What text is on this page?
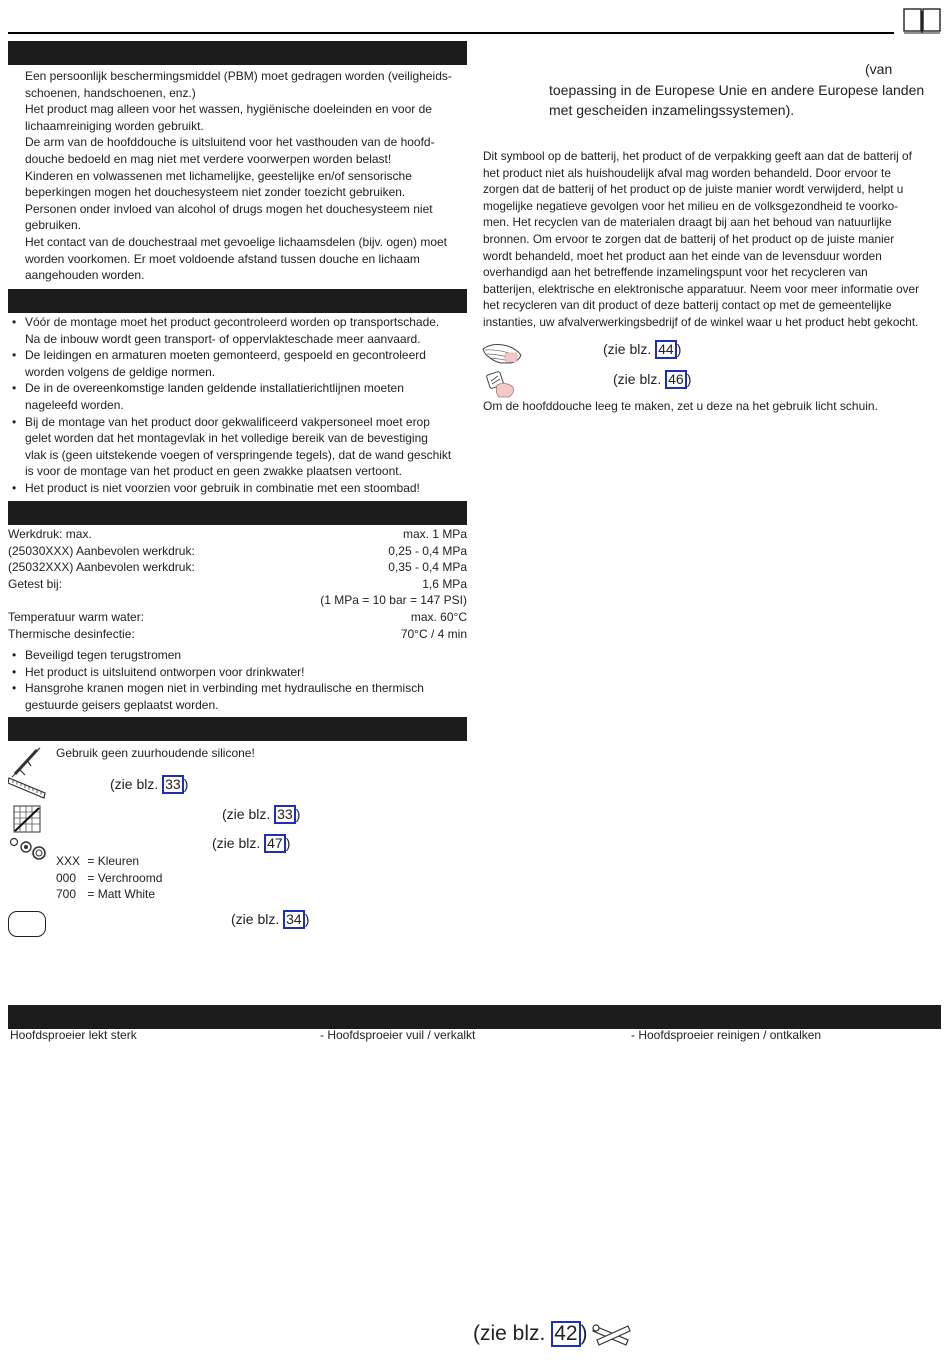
Een persoonlijk beschermingsmiddel (PBM) moet gedragen worden (veiligheids-
schoenen, handschoenen, enz.)
Het product mag alleen voor het wassen, hygiënische doeleinden en voor de
lichaamreiniging worden gebruikt.
De arm van de hoofddouche is uitsluitend voor het vasthouden van de hoofd-
douche bedoeld en mag niet met verdere voorwerpen worden belast!
Kinderen en volwassenen met lichamelijke, geestelijke en/of sensorische
beperkingen mogen het douchesysteem niet zonder toezicht gebruiken.
Personen onder invloed van alcohol of drugs mogen het douchesysteem niet
gebruiken.
Het contact van de douchestraal met gevoelige lichaamsdelen (bijv. ogen) moet
worden voorkomen. Er moet voldoende afstand tussen douche en lichaam
aangehouden worden.
• Vóór de montage moet het product gecontroleerd worden op transportschade.
Na de inbouw wordt geen transport- of oppervlakteschade meer aanvaard.
• De leidingen en armaturen moeten gemonteerd, gespoeld en gecontroleerd
worden volgens de geldige normen.
• De in de overeenkomstige landen geldende installatierichtlijnen moeten
nageleefd worden.
• Bij de montage van het product door gekwalificeerd vakpersoneel moet erop
gelet worden dat het montagevlak in het volledige bereik van de bevestiging
vlak is (geen uitstekende voegen of verspringende tegels), dat de wand geschikt
is voor de montage van het product en geen zwakke plaatsen vertoont.
• Het product is niet voorzien voor gebruik in combinatie met een stoombad!
Werkdruk: max.	max. 1 MPa
(25030XXX) Aanbevolen werkdruk:	0,25 - 0,4 MPa
(25032XXX) Aanbevolen werkdruk:	0,35 - 0,4 MPa
Getest bij:	1,6 MPa
(1 MPa = 10 bar = 147 PSI)
Temperatuur warm water:	max. 60°C
Thermische desinfectie:	70°C / 4 min
• Beveiligd tegen terugstromen
• Het product is uitsluitend ontworpen voor drinkwater!
• Hansgrohe kranen mogen niet in verbinding met hydraulische en thermisch
gestuurde geisers geplaatst worden.
Gebruik geen zuurhoudende silicone!
(zie blz. 33 )
(zie blz. 33 )
(zie blz. 47 )
XXX = Kleuren
000 = Verchroomd
700 = Matt White
(zie blz. 34 )
(van
toepassing in de Europese Unie en andere Europese landen
met gescheiden inzamelingssystemen).
Dit symbool op de batterij, het product of de verpakking geeft aan dat de batterij of
het product niet als huishoudelijk afval mag worden behandeld. Door ervoor te
zorgen dat de batterij of het product op de juiste manier wordt verwijderd, helpt u
mogelijke negatieve gevolgen voor het milieu en de volksgezondheid te voorko-
men. Het recyclen van de materialen draagt bij aan het behoud van natuurlijke
bronnen. Om ervoor te zorgen dat de batterij of het product op de juiste manier
wordt behandeld, moet het product aan het einde van de levensduur worden
overhandigd aan het betreffende inzamelingspunt voor het recycleren van
batterijen, elektrische en elektronische apparatuur. Neem voor meer informatie over
het recycleren van dit product of deze batterij contact op met de gemeentelijke
instanties, uw afvalverwerkingsbedrijf of de winkel waar u het product hebt gekocht.
(zie blz. 44 )
(zie blz. 46 )
Om de hoofddouche leeg te maken, zet u deze na het gebruik licht schuin.
Hoofdsproeier lekt sterk	- Hoofdsproeier vuil / verkalkt	- Hoofdsproeier reinigen / ontkalken
(zie blz. 42 )
